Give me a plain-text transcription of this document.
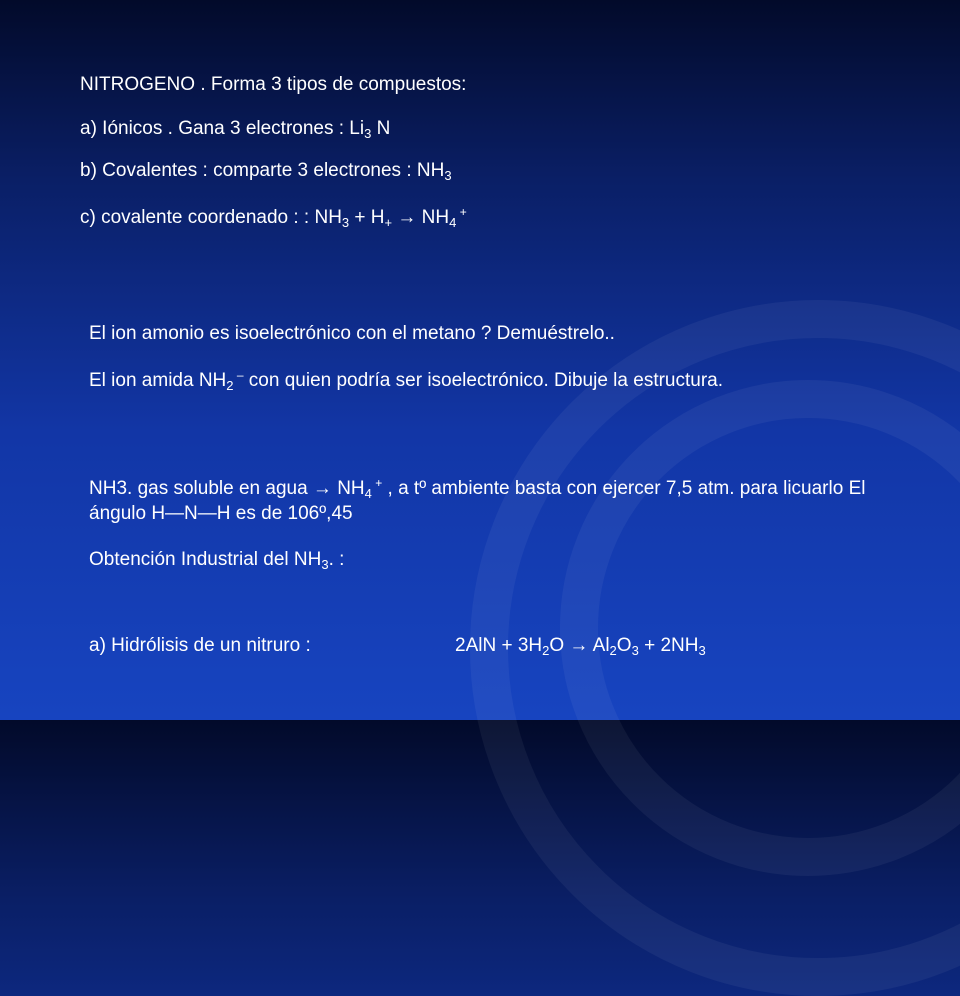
NITROGENO . Forma 3 tipos de compuestos:
a) Iónicos . Gana 3 electrones : $Li_3$ N
b) Covalentes : comparte 3 electrones : $NH_3$
c) covalente coordenado : : $NH_3 + H_+ \to NH_4$ +
El ion amonio es isoelectrónico con el metano ? Demuéstrelo..
El ion amida $NH_2$ – con quien podría ser isoelectrónico. Dibuje la estructura.
NH3. gas soluble en agua → $NH_4$ + , a tº ambiente basta con ejercer 7,5 atm. para licuarlo El ángulo H—N—H es de 106º,45
Obtención Industrial del $NH_3$. :
a) Hidrólisis de un nitruro :	$2AlN + 3H_2O \to Al_2O_3 + 2NH_3$
